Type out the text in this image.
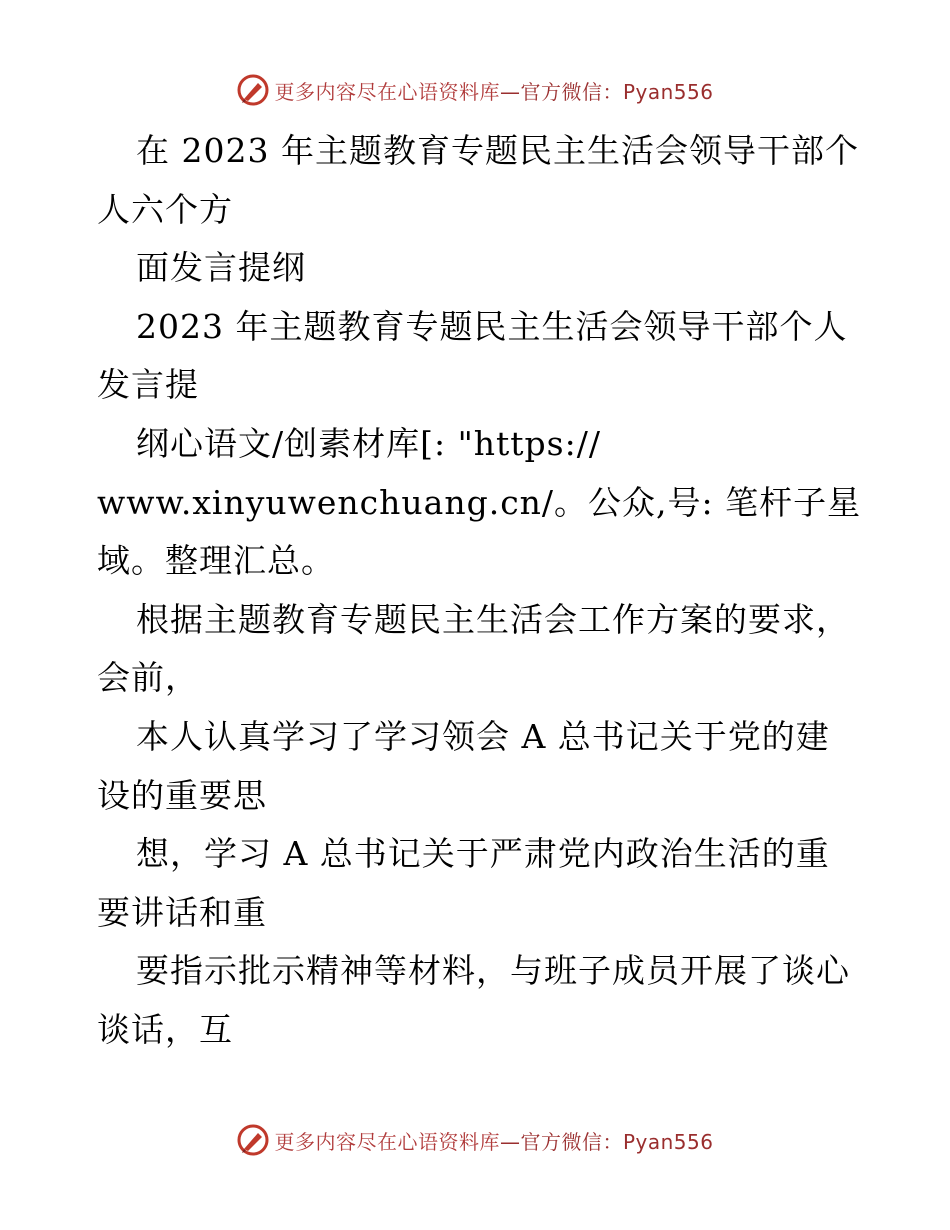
更多内容尽在心语资料库—官方微信：Pyan556
在 2023 年主题教育专题民主生活会领导干部个
人六个方
面发言提纲
2023 年主题教育专题民主生活会领导干部个人
发言提
纲心语文/创素材库[: "https://
www.xinyuwenchuang.cn/。公众,号: 笔杆子星
域。整理汇总。
根据主题教育专题民主生活会工作方案的要求，
会前，
本人认真学习了学习领会 A 总书记关于党的建
设的重要思
想，学习 A 总书记关于严肃党内政治生活的重
要讲话和重
要指示批示精神等材料，与班子成员开展了谈心
谈话，互
更多内容尽在心语资料库—官方微信：Pyan556
